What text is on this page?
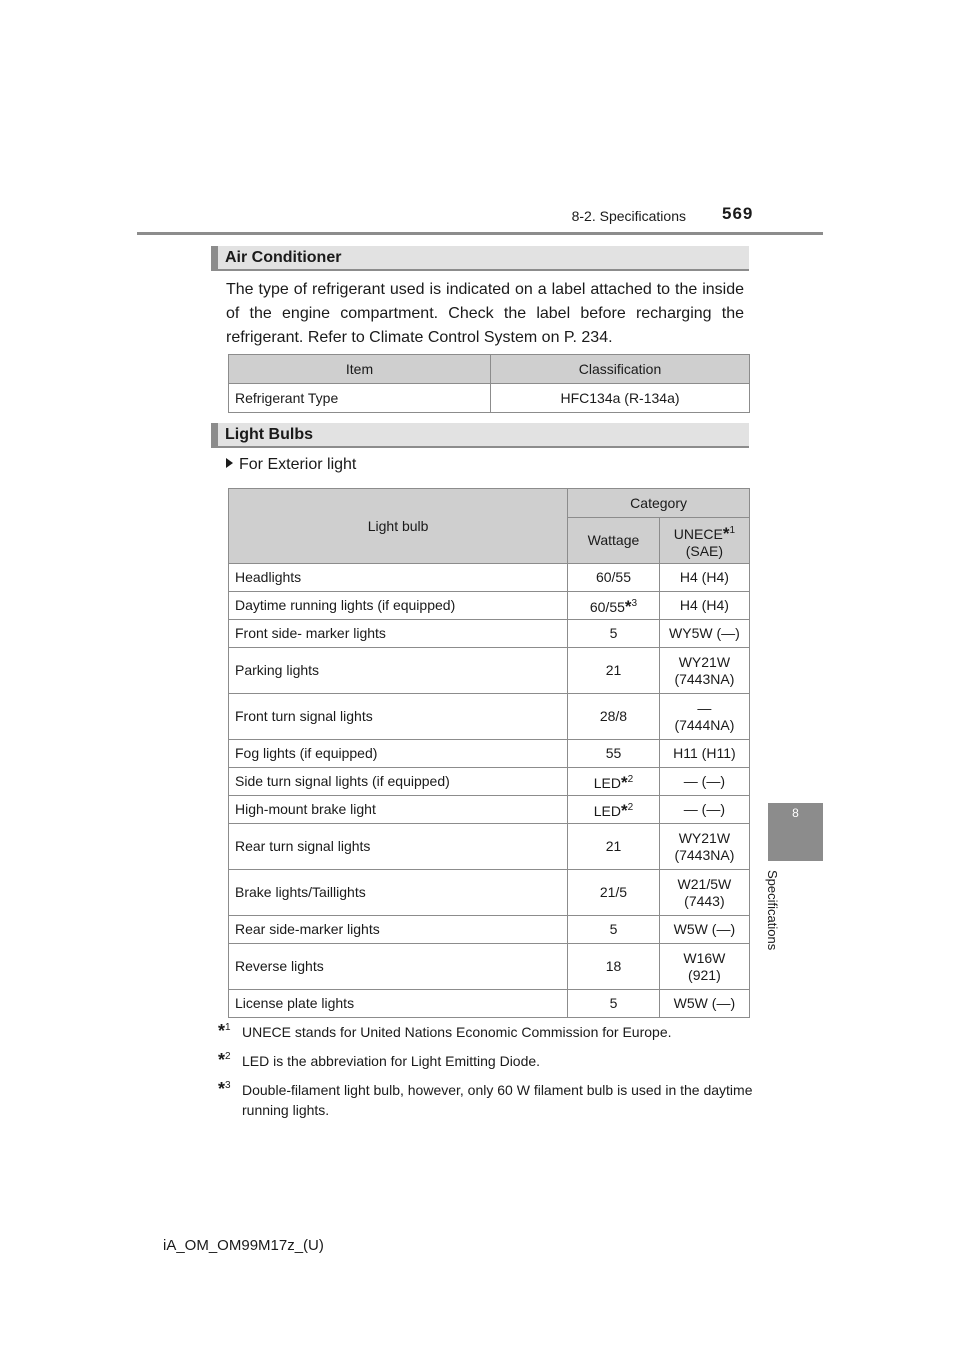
8-2. Specifications 569
8
Specifications
Air Conditioner

The type of refrigerant used is indicated on a label attached to the inside of the engine compartment. Check the label before recharging the refrigerant. Refer to Climate Control System on P. 234.

Item	Classification
Refrigerant Type	HFC134a (R-134a)
Light Bulbs
For Exterior light
Light bulb	Category	
	Wattage	UNECE*$^1$
(SAE)
Headlights	60/55	H4 (H4)
Daytime running lights (if equipped)	60/55*$^3$	H4 (H4)
Front side- marker lights	5	WY5W (—)
Parking lights	21	WY21W
(7443NA)
Front turn signal lights	28/8	—
(7444NA)
Fog lights (if equipped)	55	H11 (H11)
Side turn signal lights (if equipped)	LED*$^2$	— (—)
High-mount brake light	LED*$^2$	— (—)
Rear turn signal lights	21	WY21W
(7443NA)
Brake lights/Taillights	21/5	W21/5W
(7443)
Rear side-marker lights	5	W5W (—)
Reverse lights	18	W16W
(921)
License plate lights	5	W5W (—)
*$^1$ UNECE stands for United Nations Economic Commission for Europe.
*$^2$ LED is the abbreviation for Light Emitting Diode.
*$^3$ Double-filament light bulb, however, only 60 W filament bulb is used in the daytime running lights.
iA_OM_OM99M17z_(U)
